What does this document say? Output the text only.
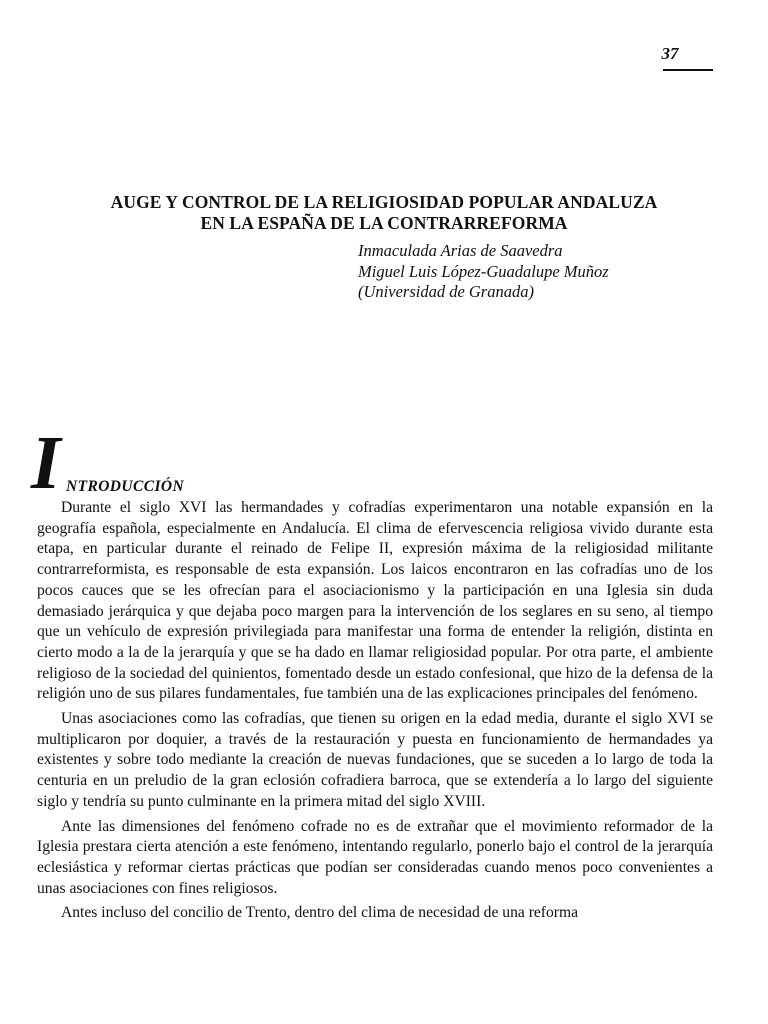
37
AUGE Y CONTROL DE LA RELIGIOSIDAD POPULAR ANDALUZA
EN LA ESPAÑA DE LA CONTRARREFORMA
Inmaculada Arias de Saavedra
Miguel Luis López-Guadalupe Muñoz
(Universidad de Granada)
I NTRODUCCIÓN

Durante el siglo XVI las hermandades y cofradías experimentaron una notable expansión en la geografía española, especialmente en Andalucía. El clima de efervescencia religiosa vivido durante esta etapa, en particular durante el reinado de Felipe II, expresión máxima de la religiosidad militante contrarreformista, es responsable de esta expansión. Los laicos encontraron en las cofradías uno de los pocos cauces que se les ofrecían para el asociacionismo y la participación en una Iglesia sin duda demasiado jerárquica y que dejaba poco margen para la intervención de los seglares en su seno, al tiempo que un vehículo de expresión privilegiada para manifestar una forma de entender la religión, distinta en cierto modo a la de la jerarquía y que se ha dado en llamar religiosidad popular. Por otra parte, el ambiente religioso de la sociedad del quinientos, fomentado desde un estado confesional, que hizo de la defensa de la religión uno de sus pilares fundamentales, fue también una de las explicaciones principales del fenómeno.

Unas asociaciones como las cofradías, que tienen su origen en la edad media, durante el siglo XVI se multiplicaron por doquier, a través de la restauración y puesta en funcionamiento de hermandades ya existentes y sobre todo mediante la creación de nuevas fundaciones, que se suceden a lo largo de toda la centuria en un preludio de la gran eclosión cofradiera barroca, que se extendería a lo largo del siguiente siglo y tendría su punto culminante en la primera mitad del siglo XVIII.

Ante las dimensiones del fenómeno cofrade no es de extrañar que el movimiento reformador de la Iglesia prestara cierta atención a este fenómeno, intentando regularlo, ponerlo bajo el control de la jerarquía eclesiástica y reformar ciertas prácticas que podían ser consideradas cuando menos poco convenientes a unas asociaciones con fines religiosos.

Antes incluso del concilio de Trento, dentro del clima de necesidad de una reforma
